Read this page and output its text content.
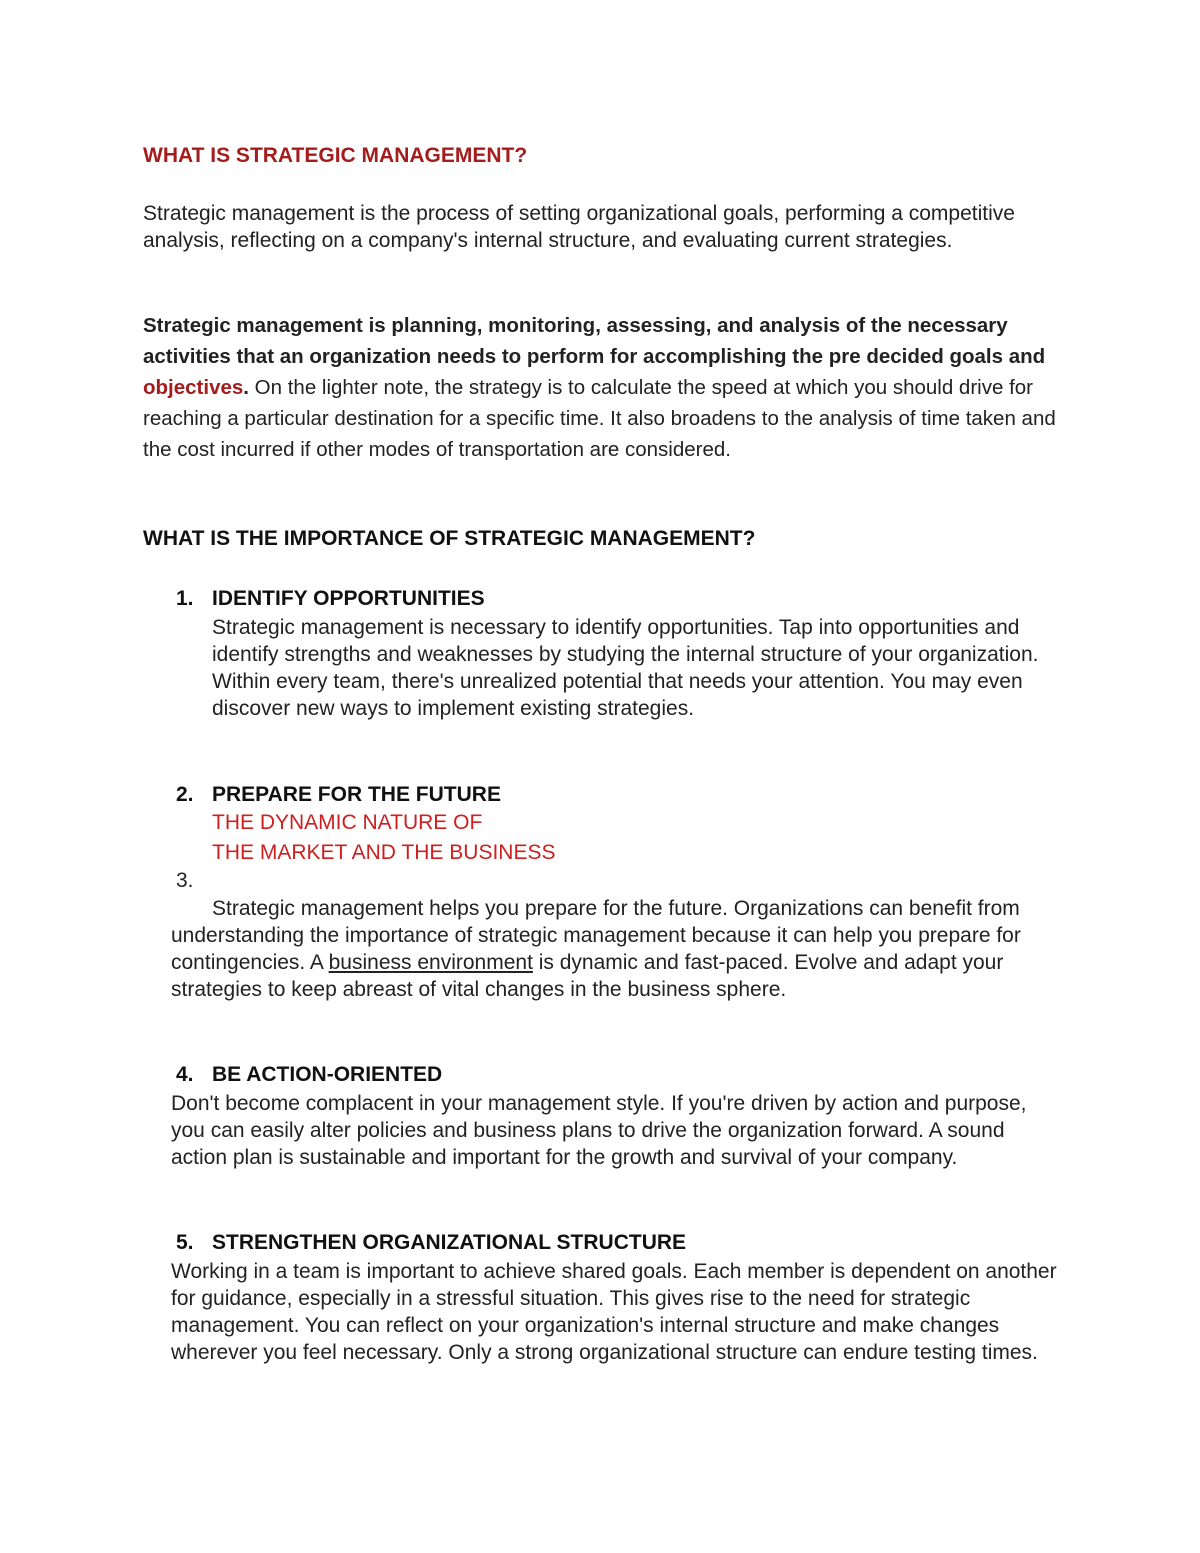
WHAT IS STRATEGIC MANAGEMENT?

Strategic management is the process of setting organizational goals, performing a competitive analysis, reflecting on a company's internal structure, and evaluating current strategies.

Strategic management is planning, monitoring, assessing, and analysis of the necessary activities that an organization needs to perform for accomplishing the pre decided goals and objectives. On the lighter note, the strategy is to calculate the speed at which you should drive for reaching a particular destination for a specific time. It also broadens to the analysis of time taken and the cost incurred if other modes of transportation are considered.

WHAT IS THE IMPORTANCE OF STRATEGIC MANAGEMENT?
1. IDENTIFY OPPORTUNITIES
Strategic management is necessary to identify opportunities. Tap into opportunities and identify strengths and weaknesses by studying the internal structure of your organization. Within every team, there's unrealized potential that needs your attention. You may even discover new ways to implement existing strategies.
2. PREPARE FOR THE FUTURE
THE DYNAMIC NATURE OF
THE MARKET AND THE BUSINESS
3.
Strategic management helps you prepare for the future. Organizations can benefit from understanding the importance of strategic management because it can help you prepare for contingencies. A business environment is dynamic and fast-paced. Evolve and adapt your strategies to keep abreast of vital changes in the business sphere.
4. BE ACTION-ORIENTED
Don't become complacent in your management style. If you're driven by action and purpose, you can easily alter policies and business plans to drive the organization forward. A sound action plan is sustainable and important for the growth and survival of your company.
5. STRENGTHEN ORGANIZATIONAL STRUCTURE
Working in a team is important to achieve shared goals. Each member is dependent on another for guidance, especially in a stressful situation. This gives rise to the need for strategic management. You can reflect on your organization's internal structure and make changes wherever you feel necessary. Only a strong organizational structure can endure testing times.
